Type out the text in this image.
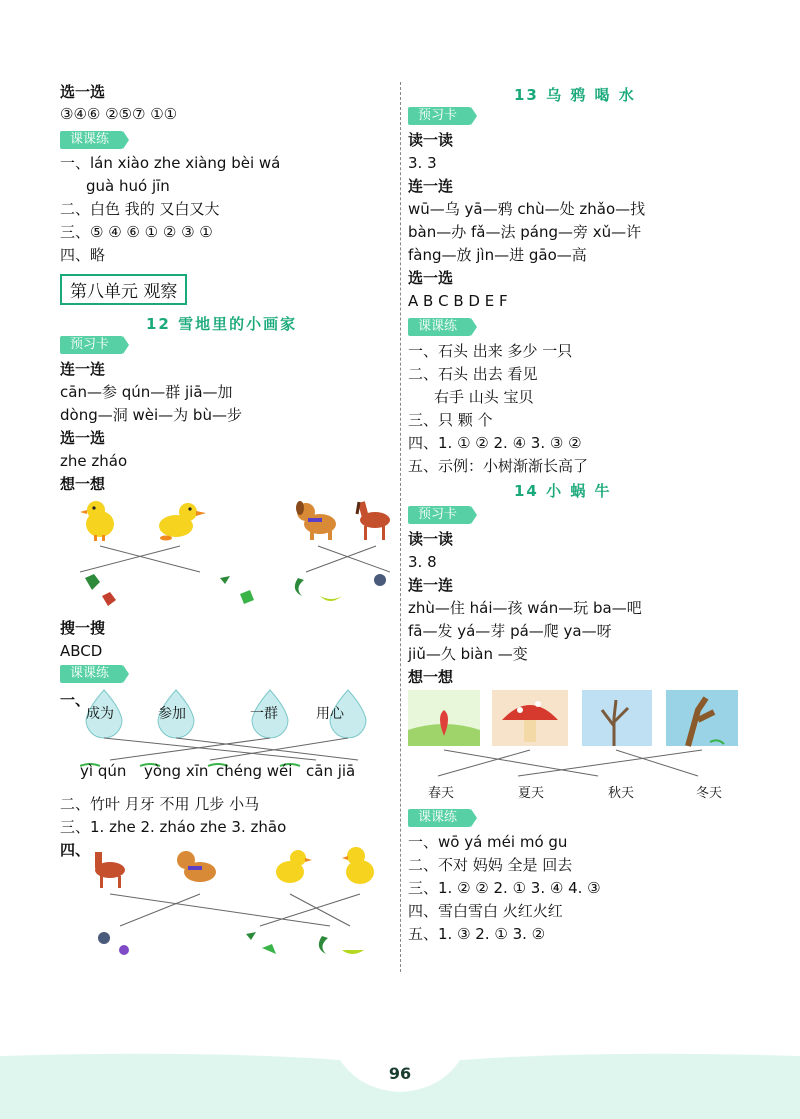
选一选
③④⑥ ②⑤⑦ ①①
课课练
一、lán xiào zhe xiàng bèi wá
guà huó jīn
二、白色 我的 又白又大
三、⑤ ④ ⑥ ① ② ③ ①
四、略
第八单元 观察
12 雪地里的小画家
预习卡
连一连
cān—参 qún—群 jiā—加
dòng—洞 wèi—为 bù—步
选一选
zhe zháo
想一想
搜一搜
ABCD
课课练
一、
成为	参加	一群	用心
yì qún yòng xīn chéng wéi cān jiā
二、竹叶 月牙 不用 几步 小马
三、1. zhe 2. zháo zhe 3. zhāo
四、
13 乌 鸦 喝 水
预习卡
读一读
3. 3
连一连
wū—乌 yā—鸦 chù—处 zhǎo—找
bàn—办 fǎ—法 páng—旁 xǔ—许
fàng—放 jìn—进 gāo—高
选一选
A B C B D E F
课课练
一、石头 出来 多少 一只
二、石头 出去 看见
右手 山头 宝贝
三、只 颗 个
四、1. ① ② 2. ④ 3. ③ ②
五、示例：小树渐渐长高了
14 小 蜗 牛
预习卡
读一读
3. 8
连一连
zhù—住 hái—孩 wán—玩 ba—吧
fā—发 yá—芽 pá—爬 ya—呀
jiǔ—久 biàn —变
想一想
春天	夏天	秋天	冬天
课课练
一、wō yá méi mó gu
二、不对 妈妈 全是 回去
三、1. ② ② 2. ① 3. ④ 4. ③
四、雪白雪白 火红火红
五、1. ③ 2. ① 3. ②
96
